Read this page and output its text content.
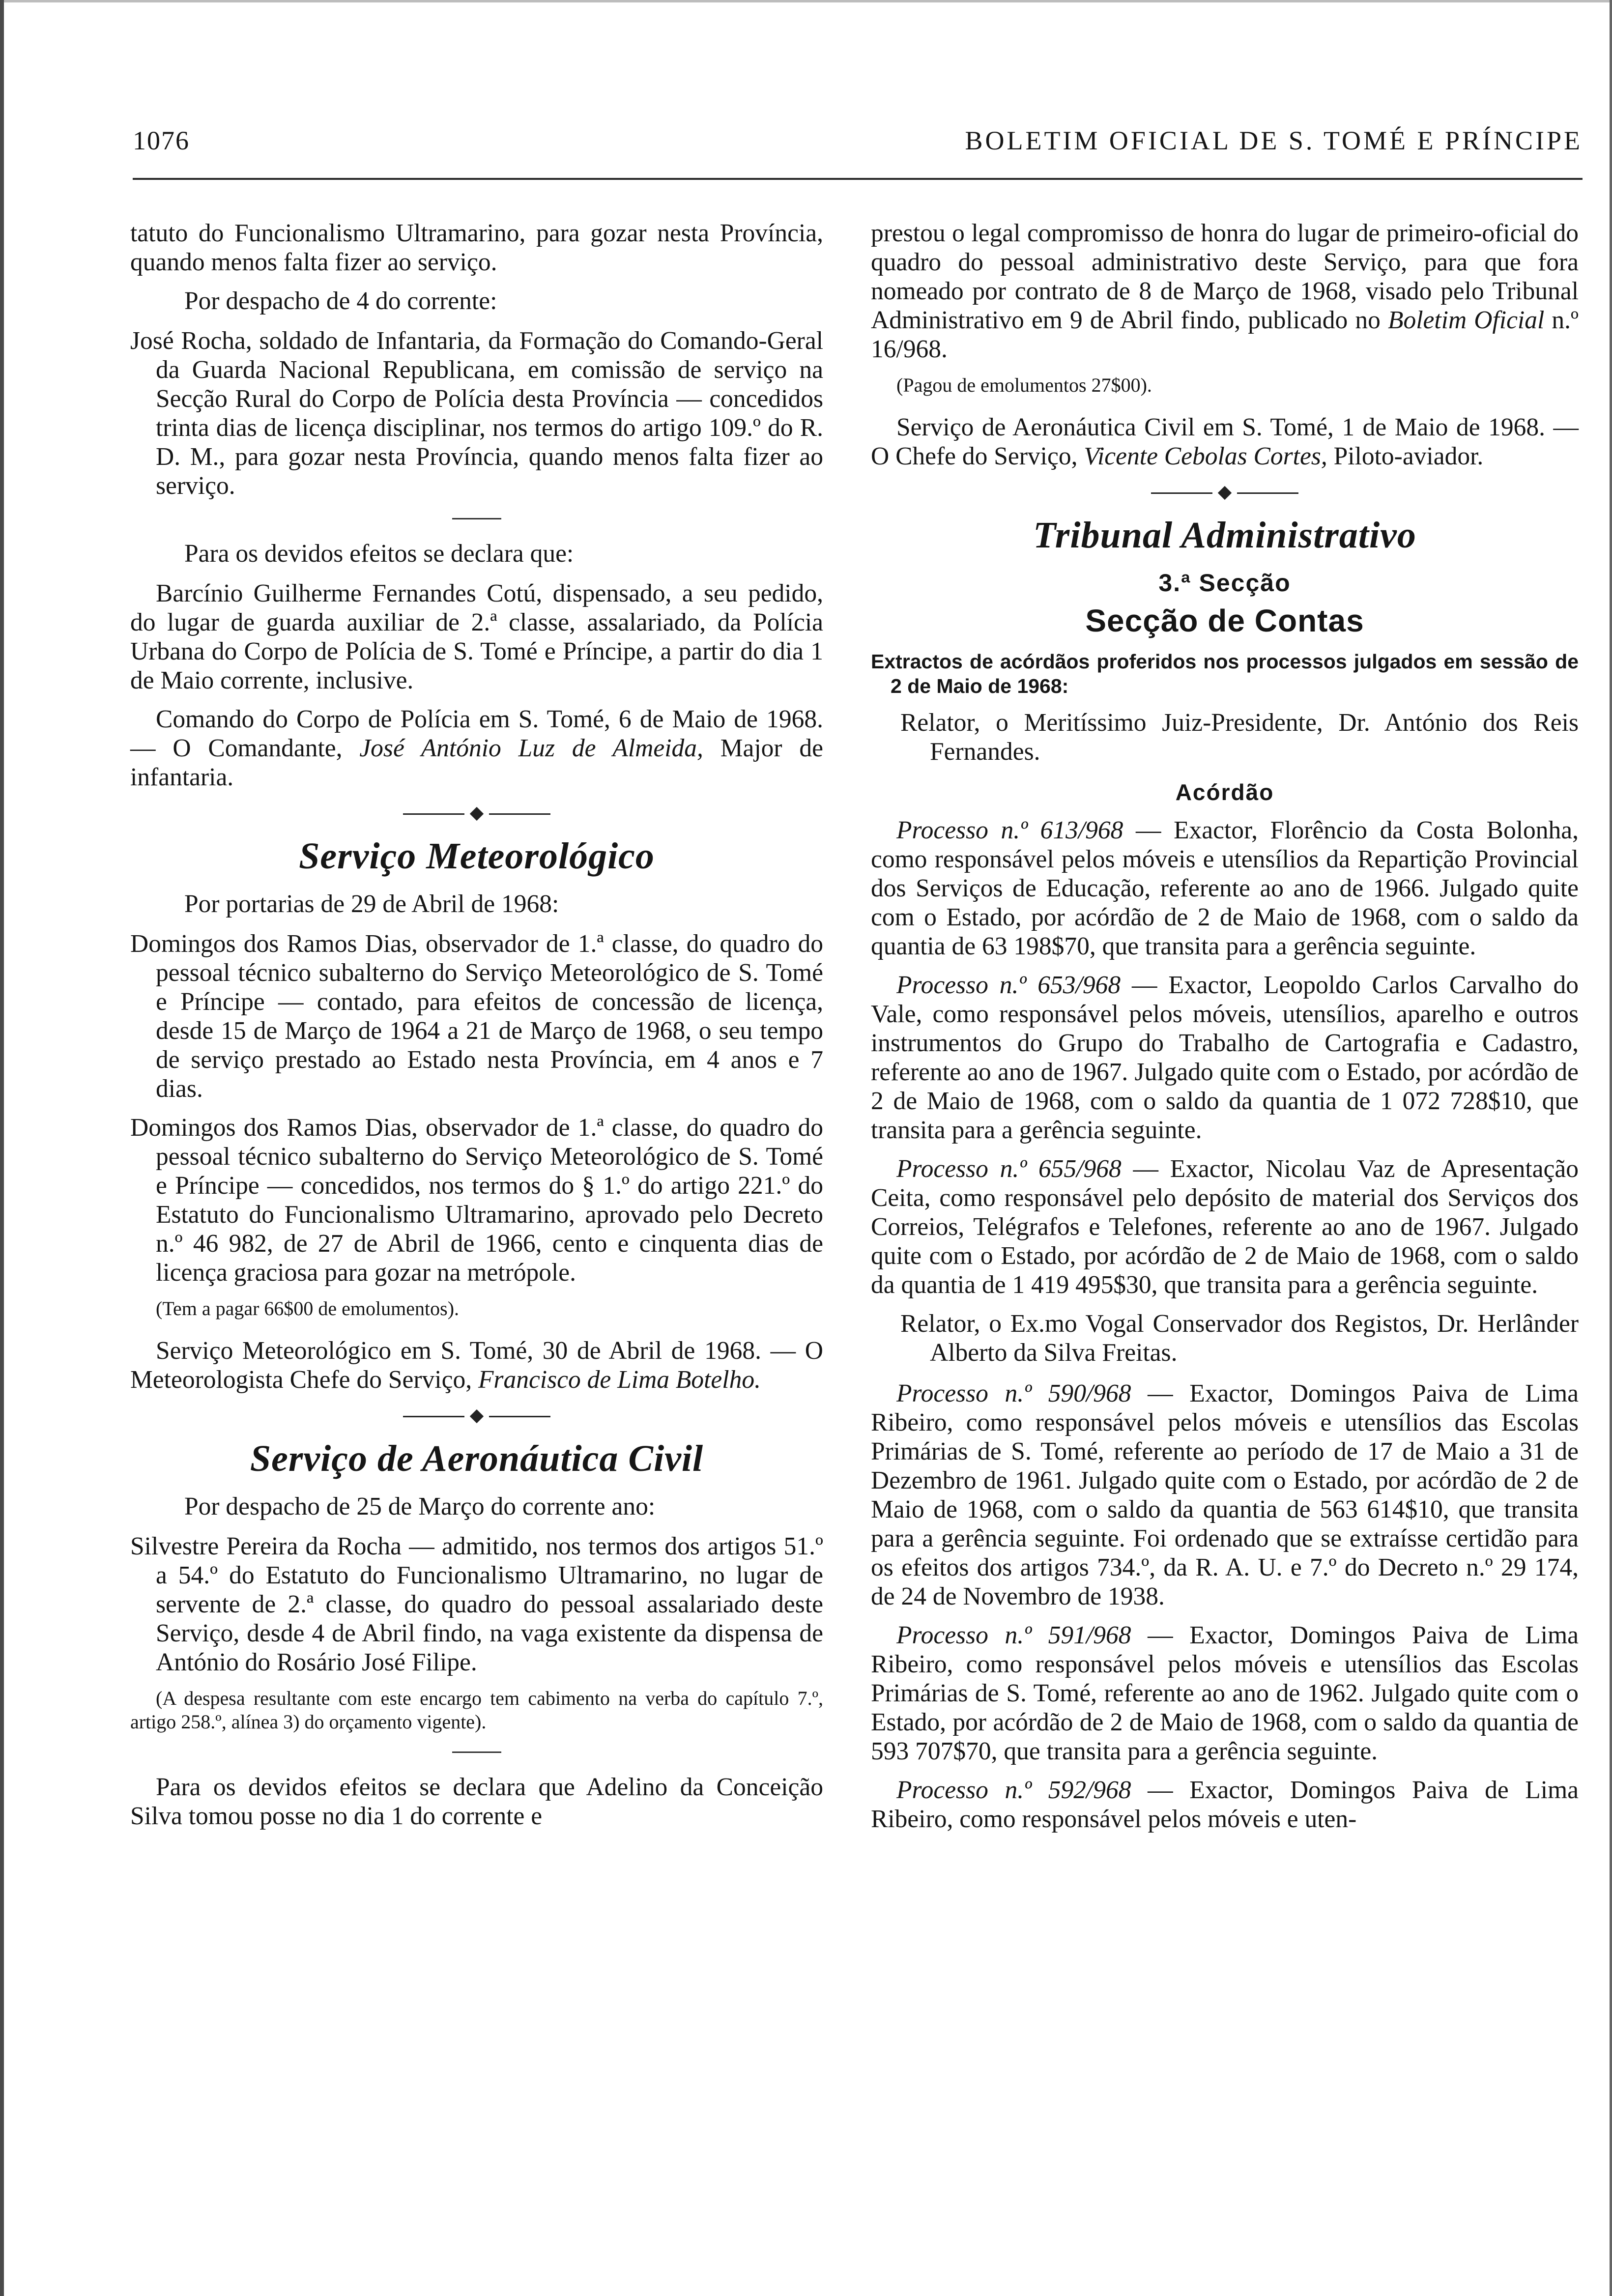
1076	BOLETIM OFICIAL DE S. TOMÉ E PRÍNCIPE

tatuto do Funcionalismo Ultramarino, para gozar nesta Província, quando menos falta fizer ao serviço.

Por despacho de 4 do corrente:

José Rocha, soldado de Infantaria, da Formação do Comando-Geral da Guarda Nacional Republicana, em comissão de serviço na Secção Rural do Corpo de Polícia desta Província — concedidos trinta dias de licença disciplinar, nos termos do artigo 109.º do R. D. M., para gozar nesta Província, quando menos falta fizer ao serviço.

Para os devidos efeitos se declara que:

Barcínio Guilherme Fernandes Cotú, dispensado, a seu pedido, do lugar de guarda auxiliar de 2.ª classe, assalariado, da Polícia Urbana do Corpo de Polícia de S. Tomé e Príncipe, a partir do dia 1 de Maio corrente, inclusive.

Comando do Corpo de Polícia em S. Tomé, 6 de Maio de 1968. — O Comandante, José António Luz de Almeida, Major de infantaria.

Serviço Meteorológico

Por portarias de 29 de Abril de 1968:

Domingos dos Ramos Dias, observador de 1.ª classe, do quadro do pessoal técnico subalterno do Serviço Meteorológico de S. Tomé e Príncipe — contado, para efeitos de concessão de licença, desde 15 de Março de 1964 a 21 de Março de 1968, o seu tempo de serviço prestado ao Estado nesta Província, em 4 anos e 7 dias.

Domingos dos Ramos Dias, observador de 1.ª classe, do quadro do pessoal técnico subalterno do Serviço Meteorológico de S. Tomé e Príncipe — concedidos, nos termos do § 1.º do artigo 221.º do Estatuto do Funcionalismo Ultramarino, aprovado pelo Decreto n.º 46 982, de 27 de Abril de 1966, cento e cinquenta dias de licença graciosa para gozar na metrópole.

(Tem a pagar 66$00 de emolumentos).

Serviço Meteorológico em S. Tomé, 30 de Abril de 1968. — O Meteorologista Chefe do Serviço, Francisco de Lima Botelho.

Serviço de Aeronáutica Civil

Por despacho de 25 de Março do corrente ano:

Silvestre Pereira da Rocha — admitido, nos termos dos artigos 51.º a 54.º do Estatuto do Funcionalismo Ultramarino, no lugar de servente de 2.ª classe, do quadro do pessoal assalariado deste Serviço, desde 4 de Abril findo, na vaga existente da dispensa de António do Rosário José Filipe.

(A despesa resultante com este encargo tem cabimento na verba do capítulo 7.º, artigo 258.º, alínea 3) do orçamento vigente).

Para os devidos efeitos se declara que Adelino da Conceição Silva tomou posse no dia 1 do corrente e

prestou o legal compromisso de honra do lugar de primeiro-oficial do quadro do pessoal administrativo deste Serviço, para que fora nomeado por contrato de 8 de Março de 1968, visado pelo Tribunal Administrativo em 9 de Abril findo, publicado no Boletim Oficial n.º 16/968.

(Pagou de emolumentos 27$00).

Serviço de Aeronáutica Civil em S. Tomé, 1 de Maio de 1968. — O Chefe do Serviço, Vicente Cebolas Cortes, Piloto-aviador.

Tribunal Administrativo
3.ª Secção
Secção de Contas

Extractos de acórdãos proferidos nos processos julgados em sessão de 2 de Maio de 1968:

Relator, o Meritíssimo Juiz-Presidente, Dr. António dos Reis Fernandes.

Acórdão

Processo n.º 613/968 — Exactor, Florêncio da Costa Bolonha, como responsável pelos móveis e utensílios da Repartição Provincial dos Serviços de Educação, referente ao ano de 1966. Julgado quite com o Estado, por acórdão de 2 de Maio de 1968, com o saldo da quantia de 63 198$70, que transita para a gerência seguinte.

Processo n.º 653/968 — Exactor, Leopoldo Carlos Carvalho do Vale, como responsável pelos móveis, utensílios, aparelho e outros instrumentos do Grupo do Trabalho de Cartografia e Cadastro, referente ao ano de 1967. Julgado quite com o Estado, por acórdão de 2 de Maio de 1968, com o saldo da quantia de 1 072 728$10, que transita para a gerência seguinte.

Processo n.º 655/968 — Exactor, Nicolau Vaz de Apresentação Ceita, como responsável pelo depósito de material dos Serviços dos Correios, Telégrafos e Telefones, referente ao ano de 1967. Julgado quite com o Estado, por acórdão de 2 de Maio de 1968, com o saldo da quantia de 1 419 495$30, que transita para a gerência seguinte.

Relator, o Ex.mo Vogal Conservador dos Registos, Dr. Herlânder Alberto da Silva Freitas.

Processo n.º 590/968 — Exactor, Domingos Paiva de Lima Ribeiro, como responsável pelos móveis e utensílios das Escolas Primárias de S. Tomé, referente ao período de 17 de Maio a 31 de Dezembro de 1961. Julgado quite com o Estado, por acórdão de 2 de Maio de 1968, com o saldo da quantia de 563 614$10, que transita para a gerência seguinte. Foi ordenado que se extraísse certidão para os efeitos dos artigos 734.º, da R. A. U. e 7.º do Decreto n.º 29 174, de 24 de Novembro de 1938.

Processo n.º 591/968 — Exactor, Domingos Paiva de Lima Ribeiro, como responsável pelos móveis e utensílios das Escolas Primárias de S. Tomé, referente ao ano de 1962. Julgado quite com o Estado, por acórdão de 2 de Maio de 1968, com o saldo da quantia de 593 707$70, que transita para a gerência seguinte.

Processo n.º 592/968 — Exactor, Domingos Paiva de Lima Ribeiro, como responsável pelos móveis e uten-
